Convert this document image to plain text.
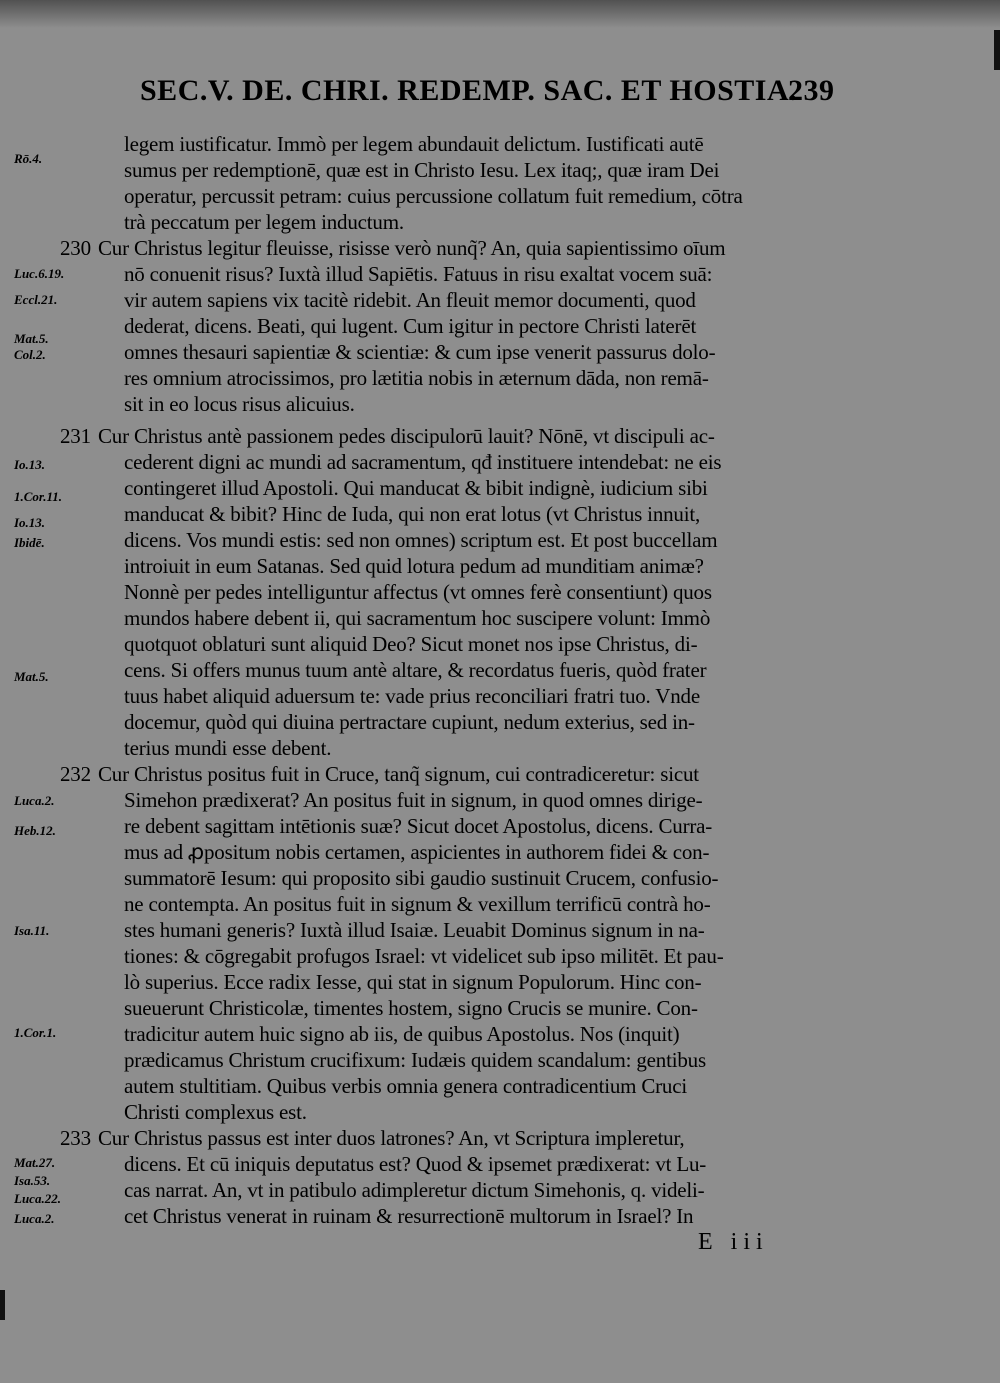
SEC.V. DE. CHRI. REDEMP. SAC. ET HOSTIA.
239
Rō.4.
Luc.6.19.
Eccl.21.
Mat.5.
Col.2.
Io.13.
1.Cor.11.
Io.13.
Ibidē.
Mat.5.
Luca.2.
Heb.12.
Isa.11.
1.Cor.1.
Mat.27.
Isa.53.
Luca.22.
Luca.2.
legem iustificatur. Immò per legem abundauit delictum. Iustificati autē
sumus per redemptionē, quæ est in Christo Iesu. Lex itaq;, quæ iram Dei
operatur, percussit petram: cuius percussione collatum fuit remedium, cōtra
trà peccatum per legem inductum.
230 Cur Christus legitur fleuisse, risisse verò nunq̃? An, quia sapientissimo oīum
nō conuenit risus? Iuxtà illud Sapiētis. Fatuus in risu exaltat vocem suā:
vir autem sapiens vix tacitè ridebit. An fleuit memor documenti, quod
dederat, dicens. Beati, qui lugent. Cum igitur in pectore Christi laterēt
omnes thesauri sapientiæ & scientiæ: & cum ipse venerit passurus dolo-
res omnium atrocissimos, pro lætitia nobis in æternum dāda, non remā-
sit in eo locus risus alicuius.
231 Cur Christus antè passionem pedes discipulorū lauit? Nōnē, vt discipuli ac-
cederent digni ac mundi ad sacramentum, qđ instituere intendebat: ne eis
contingeret illud Apostoli. Qui manducat & bibit indignè, iudicium sibi
manducat & bibit? Hinc de Iuda, qui non erat lotus (vt Christus innuit,
dicens. Vos mundi estis: sed non omnes) scriptum est. Et post buccellam
introiuit in eum Satanas. Sed quid lotura pedum ad munditiam animæ?
Nonnè per pedes intelliguntur affectus (vt omnes ferè consentiunt) quos
mundos habere debent ii, qui sacramentum hoc suscipere volunt: Immò
quotquot oblaturi sunt aliquid Deo? Sicut monet nos ipse Christus, di-
cens. Si offers munus tuum antè altare, & recordatus fueris, quòd frater
tuus habet aliquid aduersum te: vade prius reconciliari fratri tuo. Vnde
docemur, quòd qui diuina pertractare cupiunt, nedum exterius, sed in-
terius mundi esse debent.
232 Cur Christus positus fuit in Cruce, tanq̃ signum, cui contradiceretur: sicut
Simehon prædixerat? An positus fuit in signum, in quod omnes dirige-
re debent sagittam intētionis suæ? Sicut docet Apostolus, dicens. Curra-
mus ad ꝓpositum nobis certamen, aspicientes in authorem fidei & con-
summatorē Iesum: qui proposito sibi gaudio sustinuit Crucem, confusio-
ne contempta. An positus fuit in signum & vexillum terrificū contrà ho-
stes humani generis? Iuxtà illud Isaiæ. Leuabit Dominus signum in na-
tiones: & cōgregabit profugos Israel: vt videlicet sub ipso militēt. Et pau-
lò superius. Ecce radix Iesse, qui stat in signum Populorum. Hinc con-
sueuerunt Christicolæ, timentes hostem, signo Crucis se munire. Con-
tradicitur autem huic signo ab iis, de quibus Apostolus. Nos (inquit)
prædicamus Christum crucifixum: Iudæis quidem scandalum: gentibus
autem stultitiam. Quibus verbis omnia genera contradicentium Cruci
Christi complexus est.
233 Cur Christus passus est inter duos latrones? An, vt Scriptura impleretur,
dicens. Et cū iniquis deputatus est? Quod & ipsemet prædixerat: vt Lu-
cas narrat. An, vt in patibulo adimpleretur dictum Simehonis, q. videli-
cet Christus venerat in ruinam & resurrectionē multorum in Israel? In
E iii
